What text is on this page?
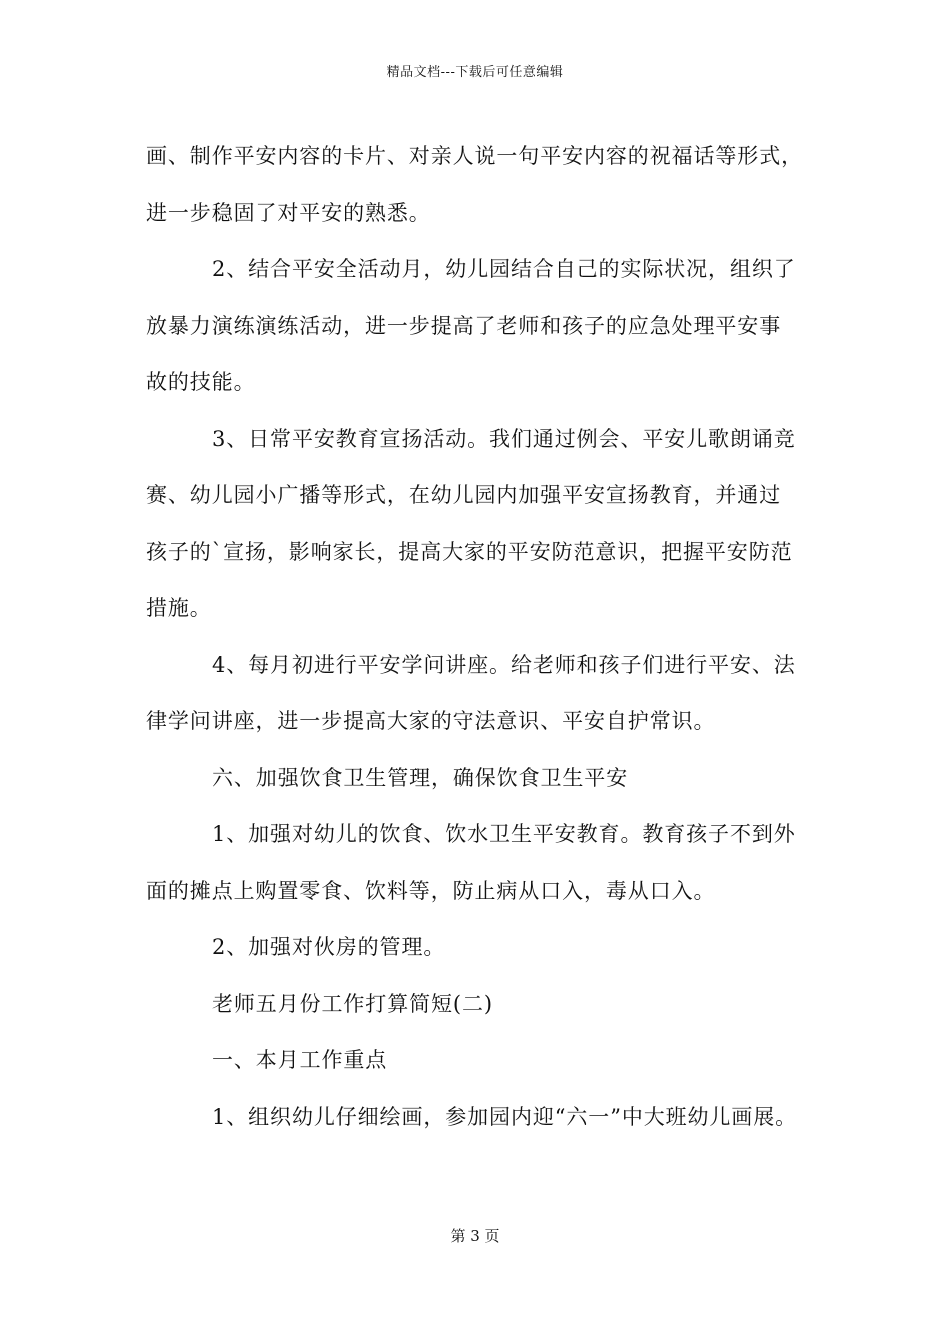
精品文档---下载后可任意编辑
画、制作平安内容的卡片、对亲人说一句平安内容的祝福话等形式，
进一步稳固了对平安的熟悉。
2、结合平安全活动月，幼儿园结合自己的实际状况，组织了
放暴力演练演练活动，进一步提高了老师和孩子的应急处理平安事
故的技能。
3、日常平安教育宣扬活动。我们通过例会、平安儿歌朗诵竞
赛、幼儿园小广播等形式，在幼儿园内加强平安宣扬教育，并通过
孩子的`宣扬，影响家长，提高大家的平安防范意识，把握平安防范
措施。
4、每月初进行平安学问讲座。给老师和孩子们进行平安、法
律学问讲座，进一步提高大家的守法意识、平安自护常识。
六、加强饮食卫生管理，确保饮食卫生平安
1、加强对幼儿的饮食、饮水卫生平安教育。教育孩子不到外
面的摊点上购置零食、饮料等，防止病从口入，毒从口入。
2、加强对伙房的管理。
老师五月份工作打算简短(二)
一、本月工作重点
1、组织幼儿仔细绘画，参加园内迎“六一”中大班幼儿画展。
第 3 页
